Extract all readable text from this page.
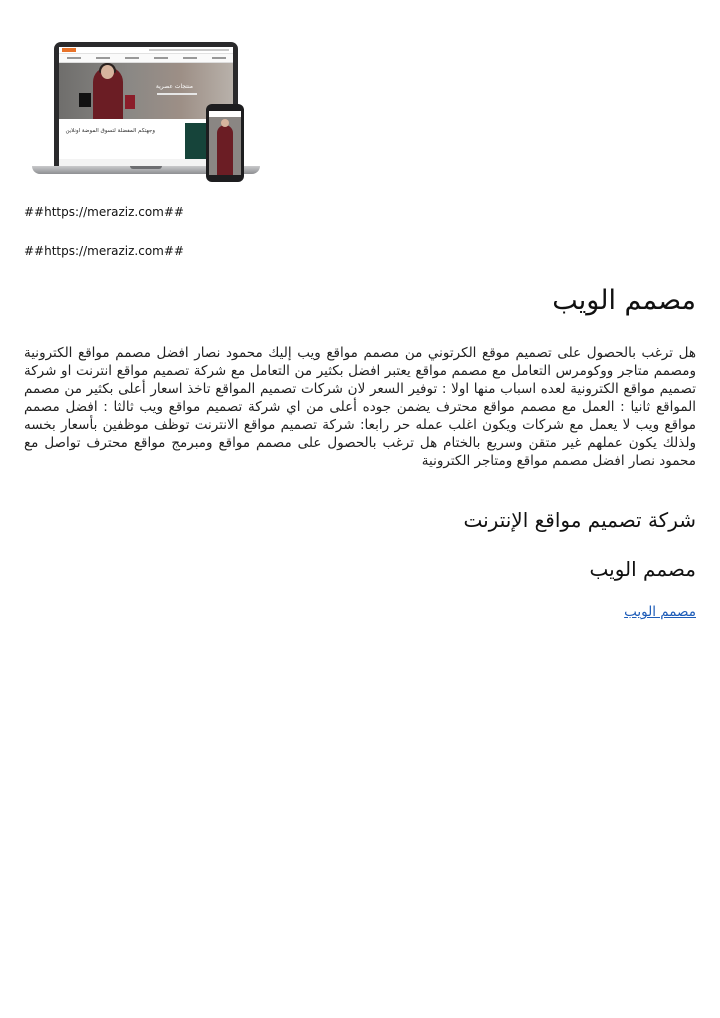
منتجات عصرية
وجهتكم المفضلة لتسوق الموضة اونلاين
##https://meraziz.com##
##https://meraziz.com##
مصمم الويب
هل ترغب بالحصول على تصميم موقع الكرتوني من مصمم مواقع ويب إليك محمود نصار افضل مصمم مواقع الكترونية ومصمم متاجر ووكومرس التعامل مع مصمم مواقع يعتبر افضل بكثير من التعامل مع شركة تصميم مواقع انترنت او شركة تصميم مواقع الكترونية لعده اسباب منها اولا : توفير السعر لان شركات تصميم المواقع تاخذ اسعار أعلى بكثير من مصمم المواقع ثانيا : العمل مع مصمم مواقع محترف يضمن جوده أعلى من اي شركة تصميم مواقع ويب ثالثا : افضل مصمم مواقع ويب لا يعمل مع شركات ويكون اغلب عمله حر رابعا: شركة تصميم مواقع الانترنت توظف موظفين بأسعار بخسه ولذلك يكون عملهم غير متقن وسريع بالختام هل ترغب بالحصول على مصمم مواقع ومبرمج مواقع محترف تواصل مع محمود نصار افضل مصمم مواقع ومتاجر الكترونية
شركة تصميم مواقع الإنترنت
مصمم الويب
مصمم الويب
